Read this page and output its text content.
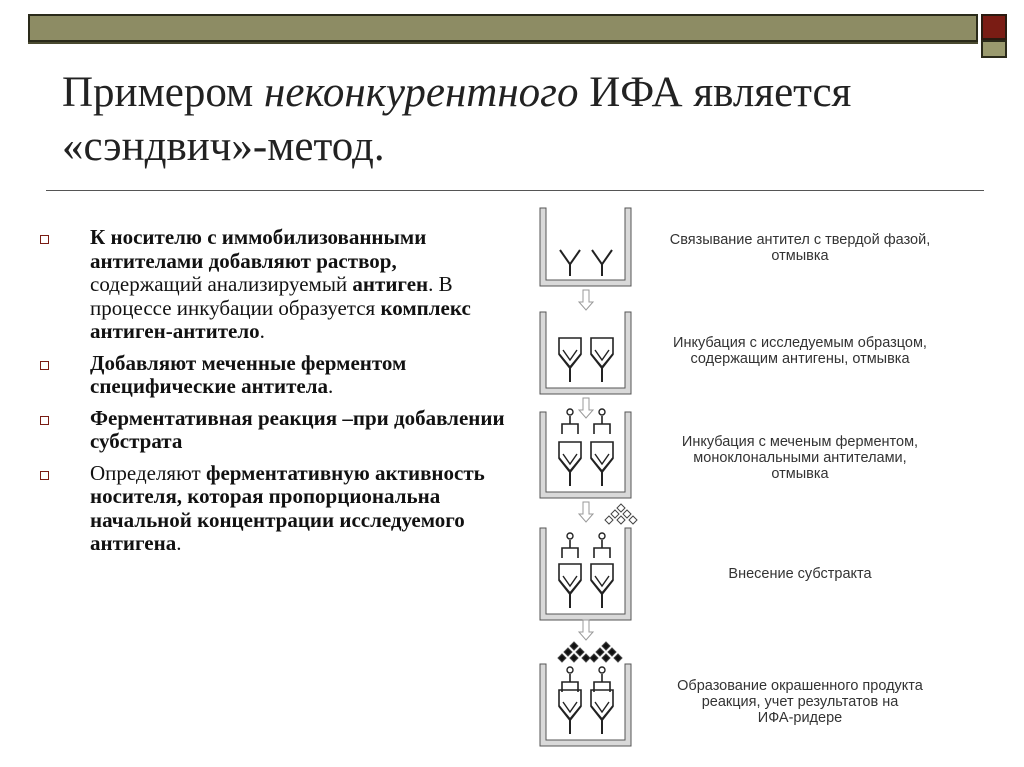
Примером неконкурентного ИФА является
«сэндвич»-метод.
К носителю с иммобилизованными антителами добавляют раствор, содержащий анализируемый антиген. В процессе инкубации образуется комплекс антиген-антитело.
Добавляют меченные ферментом специфические антитела.
Ферментативная реакция –при добавлении субстрата
Определяют ферментативную активность носителя, которая пропорциональна начальной концентрации исследуемого антигена.
Связывание антител с твердой фазой,
отмывка
Инкубация с исследуемым образцом,
содержащим антигены, отмывка
Инкубация с меченым ферментом,
моноклональными антителами,
отмывка
Внесение субстракта
Образование окрашенного продукта
реакция, учет результатов на
ИФА-ридере
